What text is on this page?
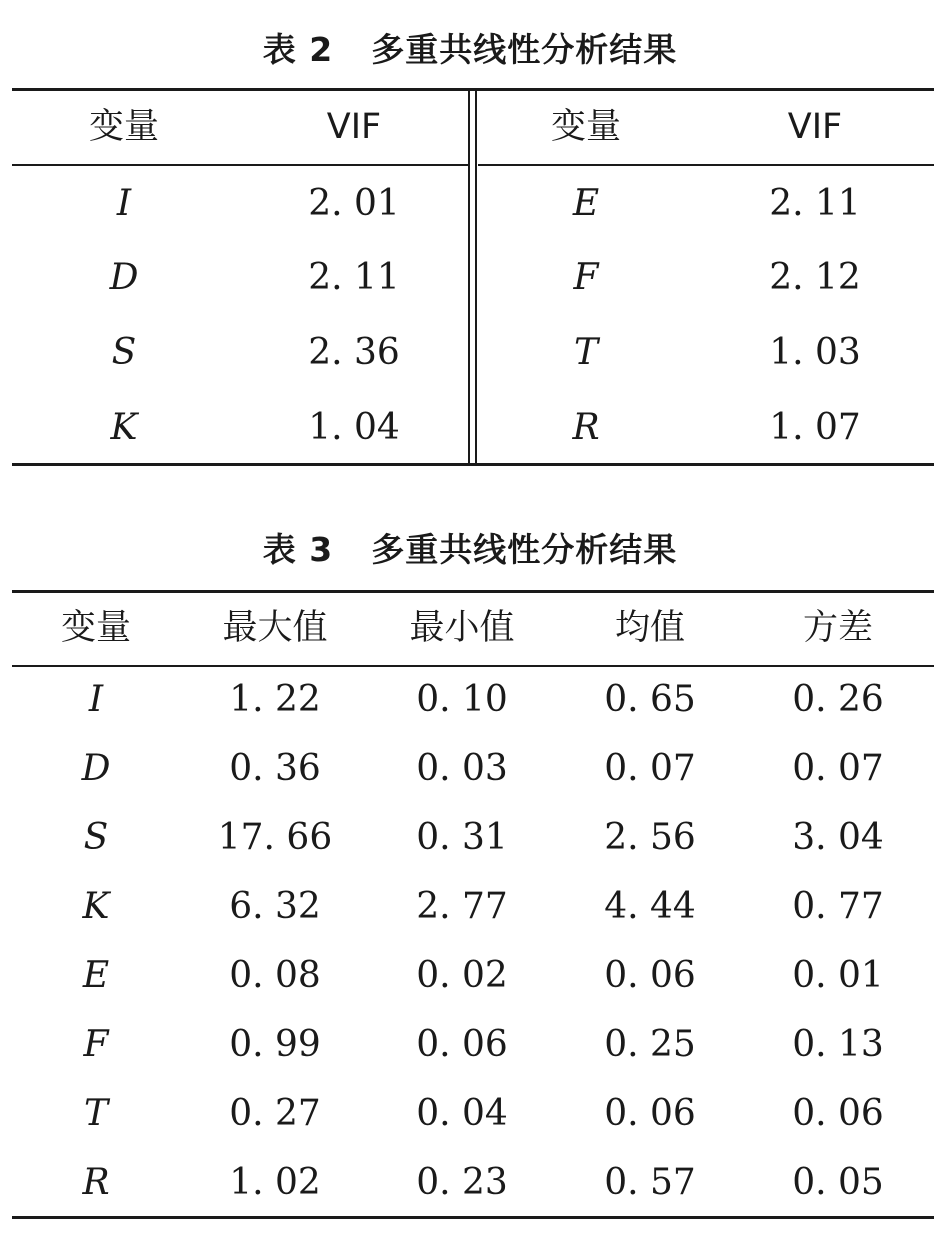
表 2 多重共线性分析结果
变量	VIF
I	2. 01
D	2. 11
S	2. 36
K	1. 04
变量	VIF
E	2. 11
F	2. 12
T	1. 03
R	1. 07
表 3 多重共线性分析结果
变量	最大值	最小值	均值	方差
I	1. 22	0. 10	0. 65	0. 26
D	0. 36	0. 03	0. 07	0. 07
S	17. 66	0. 31	2. 56	3. 04
K	6. 32	2. 77	4. 44	0. 77
E	0. 08	0. 02	0. 06	0. 01
F	0. 99	0. 06	0. 25	0. 13
T	0. 27	0. 04	0. 06	0. 06
R	1. 02	0. 23	0. 57	0. 05
